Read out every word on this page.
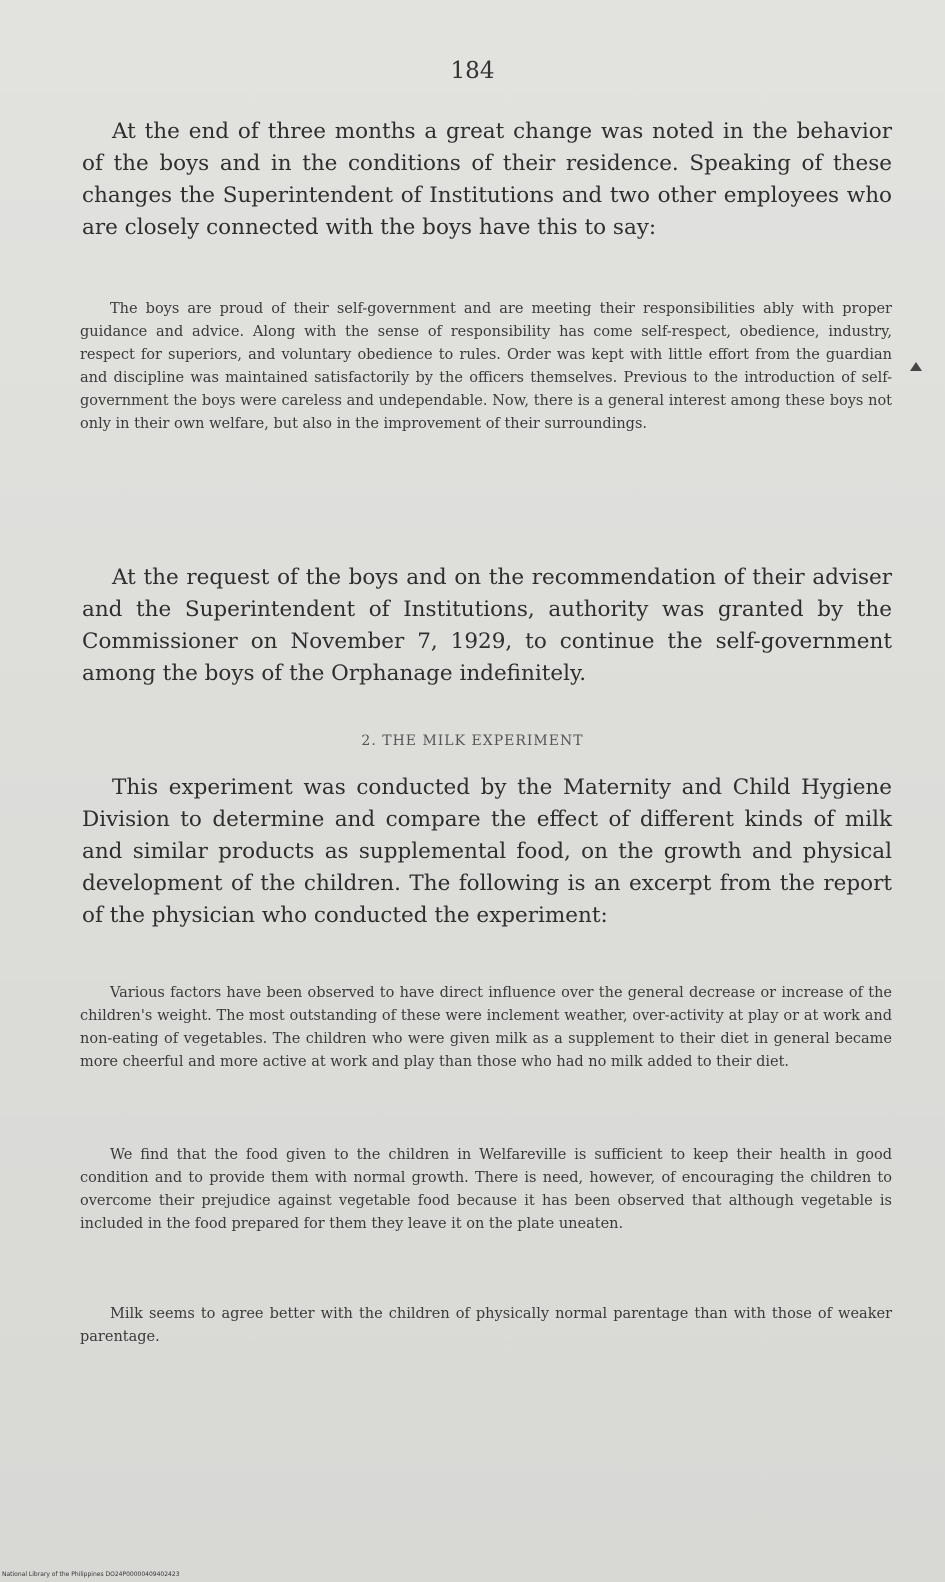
184
At the end of three months a great change was noted in the behavior of the boys and in the conditions of their residence. Speaking of these changes the Superintendent of Institutions and two other employees who are closely connected with the boys have this to say:
The boys are proud of their self-government and are meeting their responsibilities ably with proper guidance and advice. Along with the sense of responsibility has come self-respect, obedience, industry, respect for superiors, and voluntary obedience to rules. Order was kept with little effort from the guardian and discipline was maintained satisfactorily by the officers themselves. Previous to the introduction of self-government the boys were careless and undependable. Now, there is a general interest among these boys not only in their own welfare, but also in the improvement of their surroundings.
At the request of the boys and on the recommendation of their adviser and the Superintendent of Institutions, authority was granted by the Commissioner on November 7, 1929, to continue the self-government among the boys of the Orphanage indefinitely.
2. THE MILK EXPERIMENT
This experiment was conducted by the Maternity and Child Hygiene Division to determine and compare the effect of different kinds of milk and similar products as supplemental food, on the growth and physical development of the children. The following is an excerpt from the report of the physician who conducted the experiment:
Various factors have been observed to have direct influence over the general decrease or increase of the children's weight. The most outstanding of these were inclement weather, over-activity at play or at work and non-eating of vegetables. The children who were given milk as a supplement to their diet in general became more cheerful and more active at work and play than those who had no milk added to their diet.
We find that the food given to the children in Welfareville is sufficient to keep their health in good condition and to provide them with normal growth. There is need, however, of encouraging the children to overcome their prejudice against vegetable food because it has been observed that although vegetable is included in the food prepared for them they leave it on the plate uneaten.
Milk seems to agree better with the children of physically normal parentage than with those of weaker parentage.
National Library of the Philippines DO24P00000409402423
